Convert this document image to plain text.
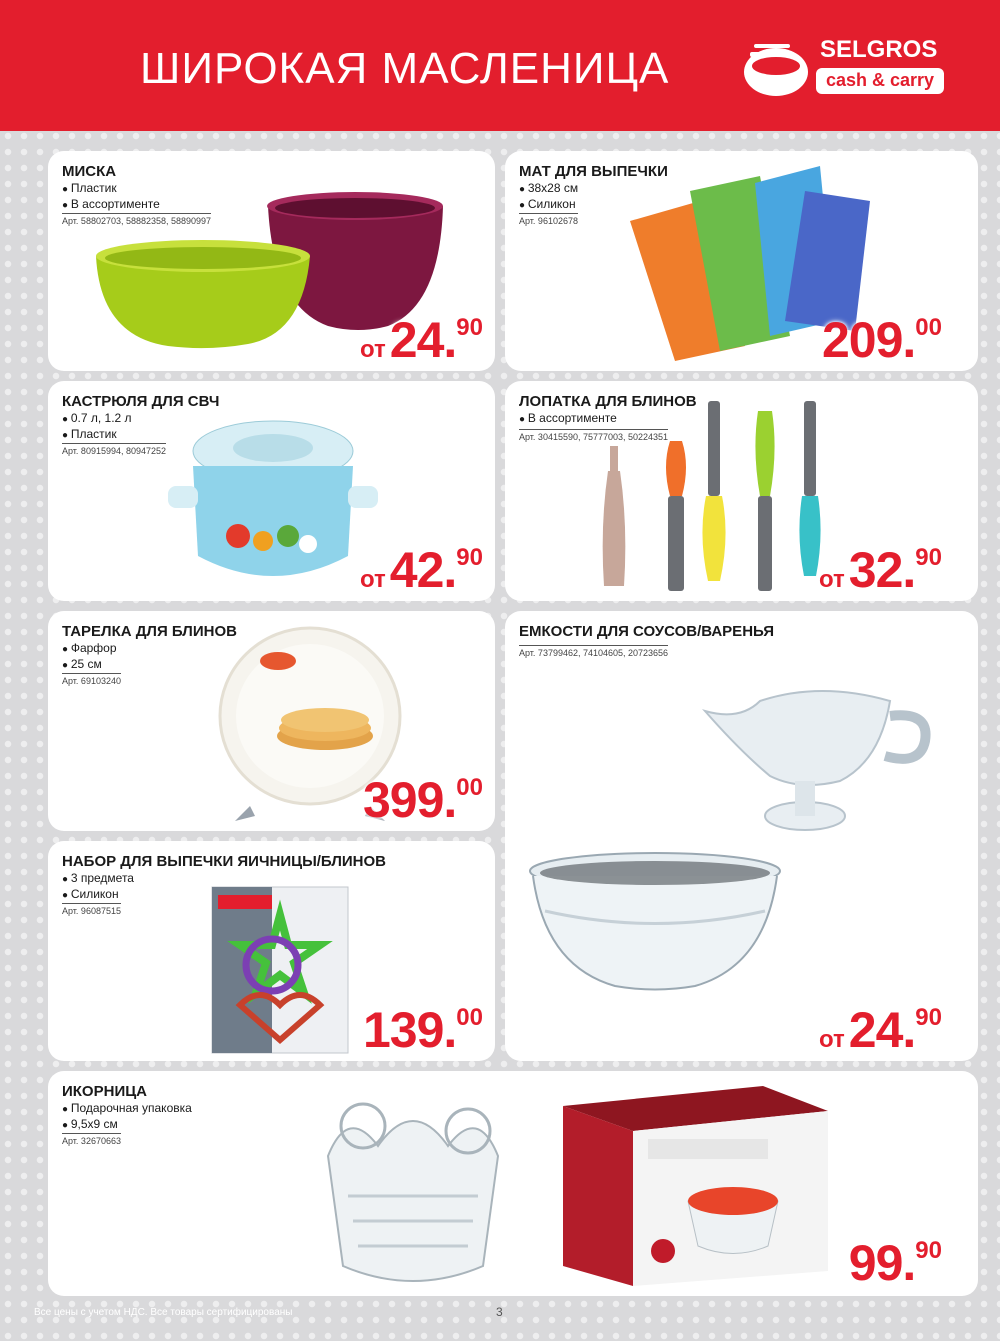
ШИРОКАЯ МАСЛЕНИЦА	SELGROS
cash & carry
МИСКА
● Пластик
● В ассортименте
Арт. 58802703, 58882358, 58890997
от24.90
МАТ ДЛЯ ВЫПЕЧКИ
● 38х28 см
● Силикон
Арт. 96102678
209.00
КАСТРЮЛЯ ДЛЯ СВЧ
● 0.7 л, 1.2 л
● Пластик
Арт. 80915994, 80947252
от42.90
ЛОПАТКА ДЛЯ БЛИНОВ
● В ассортименте
Арт. 30415590, 75777003, 50224351
от32.90
ТАРЕЛКА ДЛЯ БЛИНОВ
● Фарфор
● 25 см
Арт. 69103240
399.00
ЕМКОСТИ ДЛЯ СОУСОВ/ВАРЕНЬЯ
Арт. 73799462, 74104605, 20723656
от24.90
НАБОР ДЛЯ ВЫПЕЧКИ ЯИЧНИЦЫ/БЛИНОВ
● 3 предмета
● Силикон
Арт. 96087515
139.00
ИКОРНИЦА
● Подарочная упаковка
● 9,5х9 см
Арт. 32670663
99.90
Все цены с учетом НДС. Все товары сертифицированы	3
